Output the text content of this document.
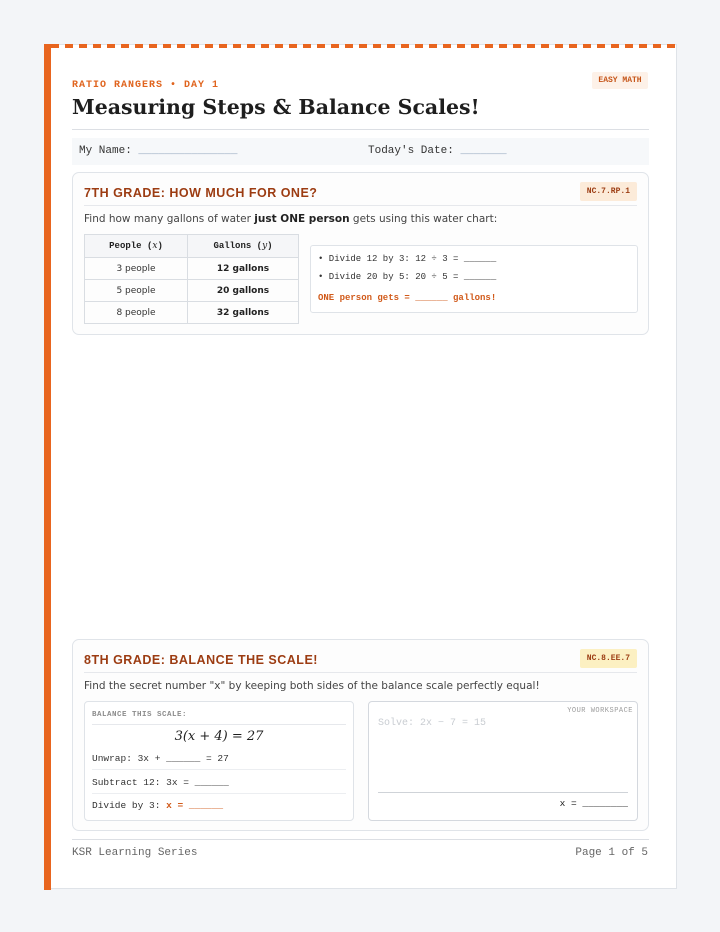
RATIO RANGERS • DAY 1	EASY MATH
Measuring Steps & Balance Scales!
My Name: _______________	Today's Date: _______
7TH GRADE: HOW MUCH FOR ONE?	NC.7.RP.1
Find how many gallons of water just ONE person gets using this water chart:
People (x)	Gallons (y)
3 people	12 gallons
5 people	20 gallons
8 people	32 gallons
• Divide 12 by 3: 12 ÷ 3 = ______
• Divide 20 by 5: 20 ÷ 5 = ______
ONE person gets = ______ gallons!
8TH GRADE: BALANCE THE SCALE!	NC.8.EE.7
Find the secret number "x" by keeping both sides of the balance scale perfectly equal!
BALANCE THIS SCALE:
3(x + 4) = 27
Unwrap: 3x + ______ = 27
Subtract 12: 3x = ______
Divide by 3: x = ______
YOUR WORKSPACE
Solve: 2x − 7 = 15
x = ________
KSR Learning Series	Page 1 of 5
